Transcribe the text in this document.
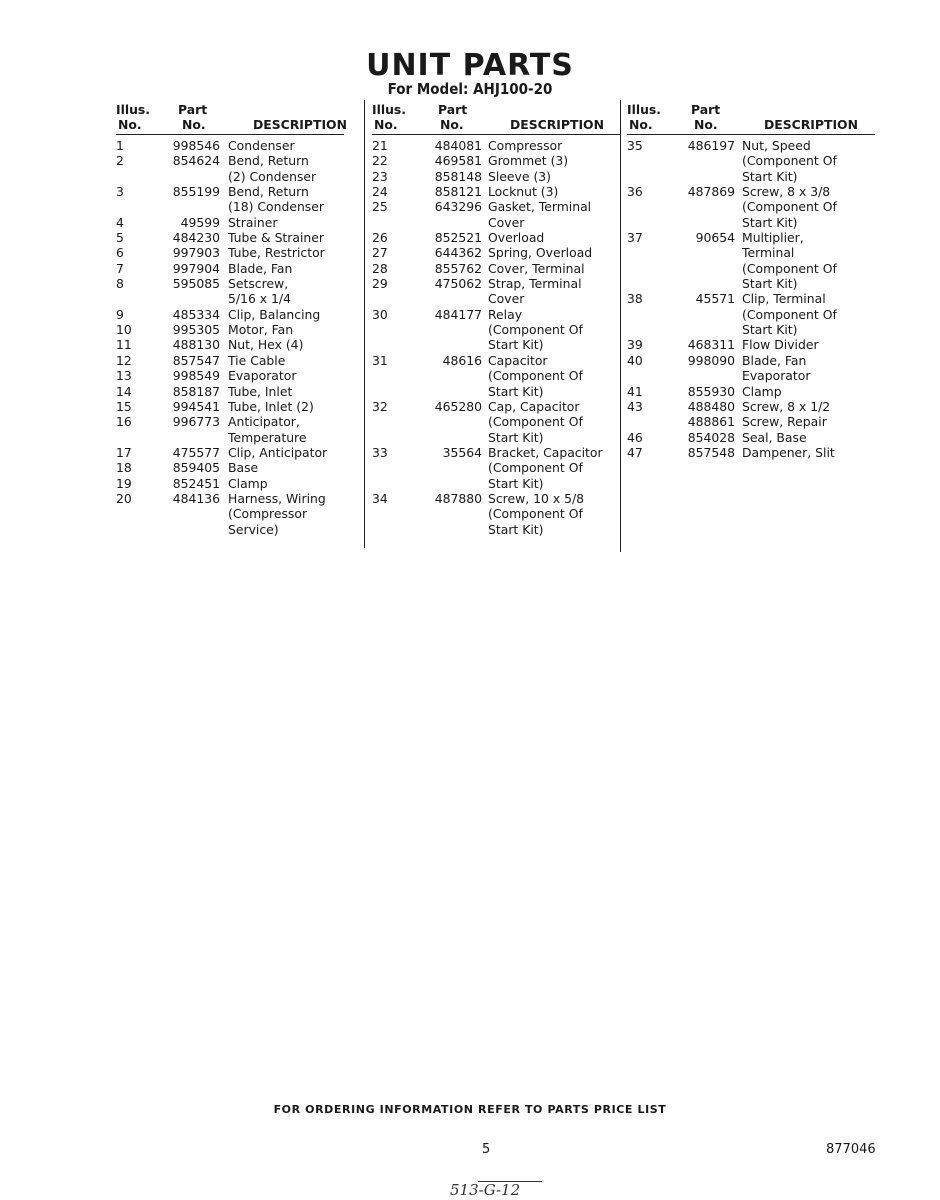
UNIT PARTS
For Model: AHJ100-20
Illus.
No.
Part
No.	DESCRIPTION
1	998546 Condenser
2	854624 Bend, Return
(2) Condenser
3	855199 Bend, Return
(18) Condenser
4	49599 Strainer
5	484230 Tube & Strainer
6	997903 Tube, Restrictor
7	997904 Blade, Fan
8	595085 Setscrew,
5/16 x 1/4
9	485334 Clip, Balancing
10	995305 Motor, Fan
11	488130 Nut, Hex (4)
12	857547 Tie Cable
13	998549 Evaporator
14	858187 Tube, Inlet
15	994541 Tube, Inlet (2)
16	996773 Anticipator,
Temperature
17	475577 Clip, Anticipator
18	859405 Base
19	852451 Clamp
20	484136 Harness, Wiring
(Compressor
Service)
Illus.
No.
Part
No.	DESCRIPTION
21	484081 Compressor
22	469581 Grommet (3)
23	858148 Sleeve (3)
24	858121 Locknut (3)
25	643296 Gasket, Terminal
Cover
26	852521 Overload
27	644362 Spring, Overload
28	855762 Cover, Terminal
29	475062 Strap, Terminal
Cover
30	484177 Relay
(Component Of
Start Kit)
31	48616 Capacitor
(Component Of
Start Kit)
32	465280 Cap, Capacitor
(Component Of
Start Kit)
33	35564 Bracket, Capacitor
(Component Of
Start Kit)
34	487880 Screw, 10 x 5/8
(Component Of
Start Kit)
Illus.
No.
Part
No.	DESCRIPTION
35	486197 Nut, Speed
(Component Of
Start Kit)
36	487869 Screw, 8 x 3/8
(Component Of
Start Kit)
37	90654 Multiplier,
Terminal
(Component Of
Start Kit)
38	45571 Clip, Terminal
(Component Of
Start Kit)
39	468311 Flow Divider
40	998090 Blade, Fan
Evaporator
41	855930 Clamp
43	488480 Screw, 8 x 1/2
488861 Screw, Repair
46	854028 Seal, Base
47	857548 Dampener, Slit
FOR ORDERING INFORMATION REFER TO PARTS PRICE LIST
5	877046
513-G-12
